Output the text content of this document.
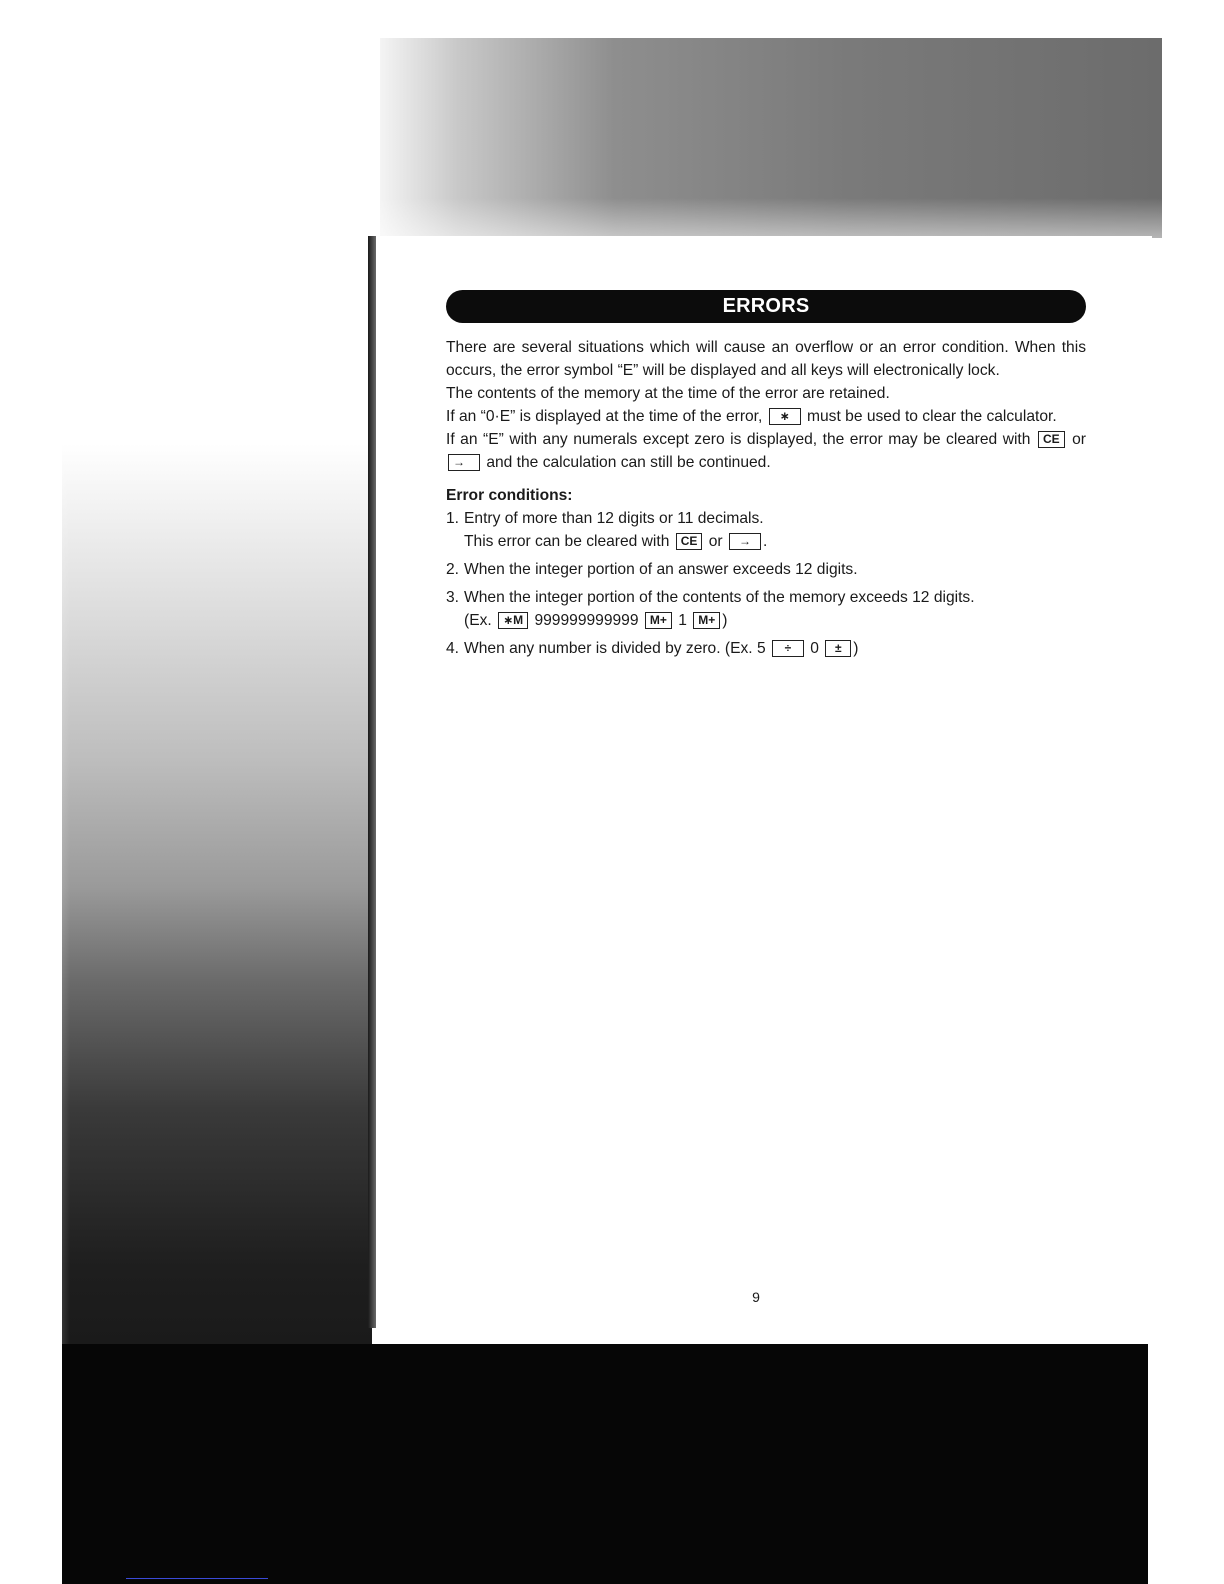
ERRORS

There are several situations which will cause an overflow or an error condition. When this occurs, the error symbol “E” will be displayed and all keys will electronically lock.

The contents of the memory at the time of the error are retained.

If an “0·E” is displayed at the time of the error, ∗ must be used to clear the calculator.

If an “E” with any numerals except zero is displayed, the error may be cleared with CE or → and the calculation can still be continued.

Error conditions:

1. Entry of more than 12 digits or 11 decimals.
This error can be cleared with CE or → .
2. When the integer portion of an answer exceeds 12 digits.
3. When the integer portion of the contents of the memory exceeds 12 digits.
(Ex. ∗M 999999999999 M+ 1 M+ )
4. When any number is divided by zero. (Ex. 5 ÷ 0 ± )
9
